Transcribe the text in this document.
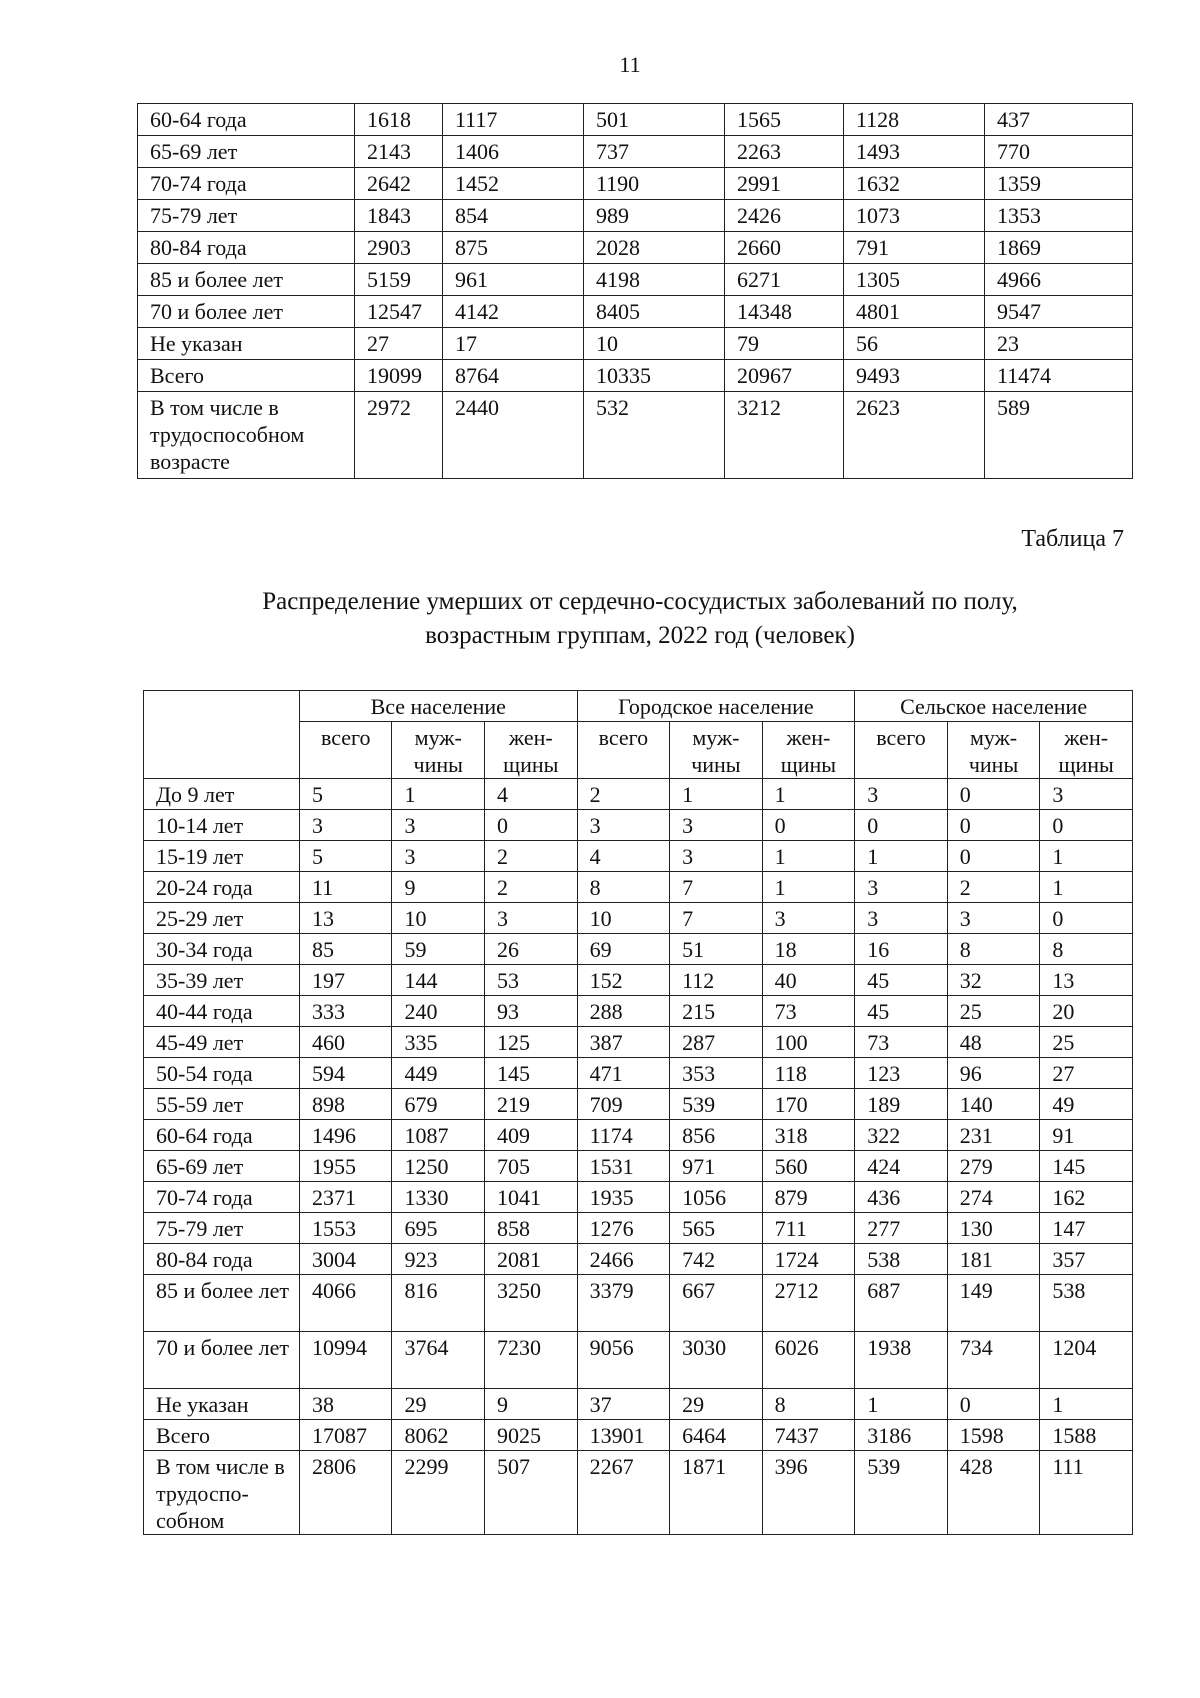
11
60-64 года	1618	1117	501	1565	1128	437
65-69 лет	2143	1406	737	2263	1493	770
70-74 года	2642	1452	1190	2991	1632	1359
75-79 лет	1843	854	989	2426	1073	1353
80-84 года	2903	875	2028	2660	791	1869
85 и более лет	5159	961	4198	6271	1305	4966
70 и более лет	12547	4142	8405	14348	4801	9547
Не указан	27	17	10	79	56	23
Всего	19099	8764	10335	20967	9493	11474
В том числе в трудоспособном возрасте	2972	2440	532	3212	2623	589
Таблица 7
Распределение умерших от сердечно-сосудистых заболеваний по полу,
возрастным группам, 2022 год (человек)
	Все население			Городское население			Сельское население		
	всего	муж-чины	жен-щины	всего	муж-чины	жен-щины	всего	муж-чины	жен-щины
До 9 лет	5	1	4	2	1	1	3	0	3
10-14 лет	3	3	0	3	3	0	0	0	0
15-19 лет	5	3	2	4	3	1	1	0	1
20-24 года	11	9	2	8	7	1	3	2	1
25-29 лет	13	10	3	10	7	3	3	3	0
30-34 года	85	59	26	69	51	18	16	8	8
35-39 лет	197	144	53	152	112	40	45	32	13
40-44 года	333	240	93	288	215	73	45	25	20
45-49 лет	460	335	125	387	287	100	73	48	25
50-54 года	594	449	145	471	353	118	123	96	27
55-59 лет	898	679	219	709	539	170	189	140	49
60-64 года	1496	1087	409	1174	856	318	322	231	91
65-69 лет	1955	1250	705	1531	971	560	424	279	145
70-74 года	2371	1330	1041	1935	1056	879	436	274	162
75-79 лет	1553	695	858	1276	565	711	277	130	147
80-84 года	3004	923	2081	2466	742	1724	538	181	357
85 и более лет	4066	816	3250	3379	667	2712	687	149	538
70 и более лет	10994	3764	7230	9056	3030	6026	1938	734	1204
Не указан	38	29	9	37	29	8	1	0	1
Всего	17087	8062	9025	13901	6464	7437	3186	1598	1588
В том числе в трудоспо-собном	2806	2299	507	2267	1871	396	539	428	111
